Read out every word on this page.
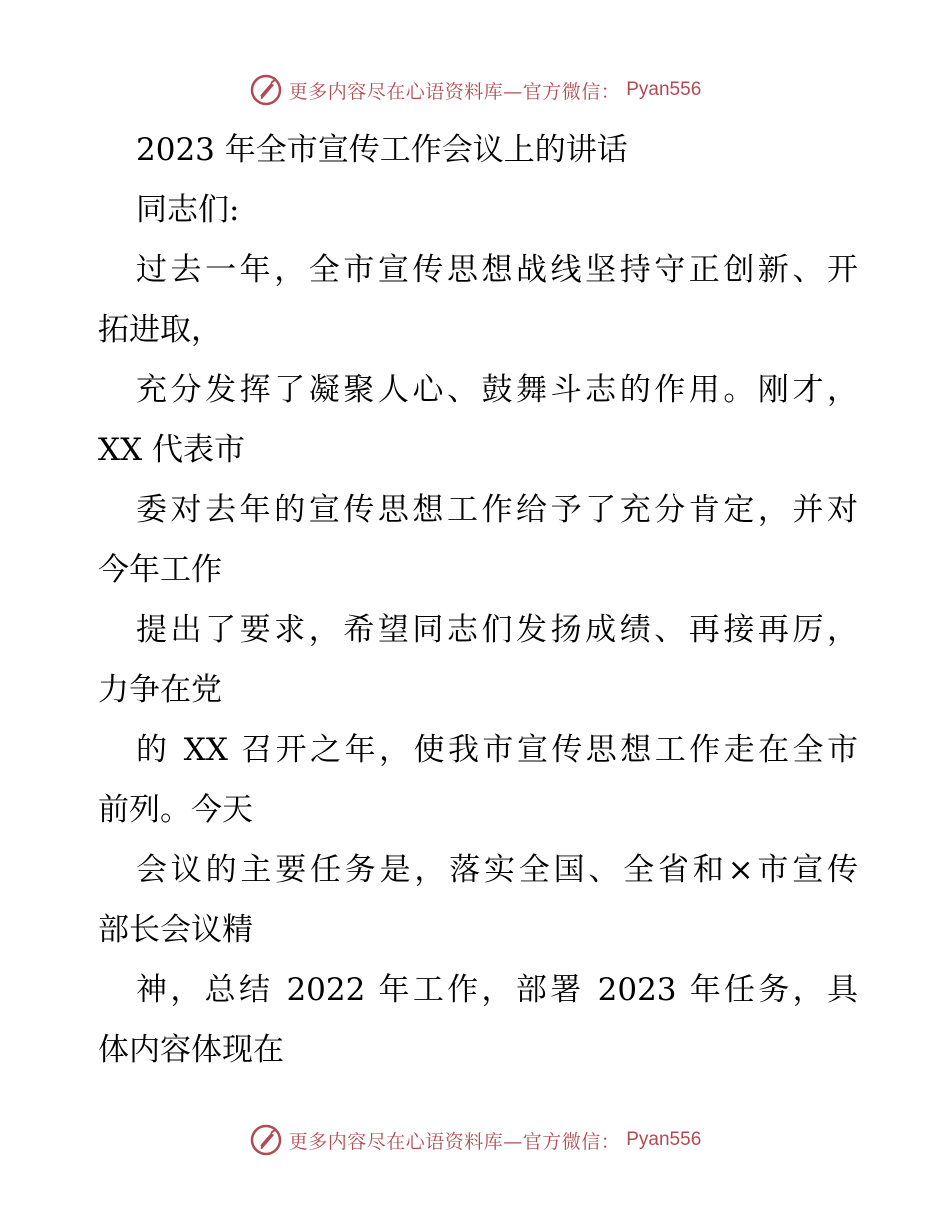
更多内容尽在心语资料库—官方微信： Pyan556
2023 年全市宣传工作会议上的讲话
同志们:
过去一年，全市宣传思想战线坚持守正创新、开
拓进取，
充分发挥了凝聚人心、鼓舞斗志的作用。刚才，
XX 代表市
委对去年的宣传思想工作给予了充分肯定，并对
今年工作
提出了要求，希望同志们发扬成绩、再接再厉，
力争在党
的 XX 召开之年，使我市宣传思想工作走在全市
前列。今天
会议的主要任务是，落实全国、全省和×市宣传
部长会议精
神，总结 2022 年工作，部署 2023 年任务，具
体内容体现在
更多内容尽在心语资料库—官方微信： Pyan556
